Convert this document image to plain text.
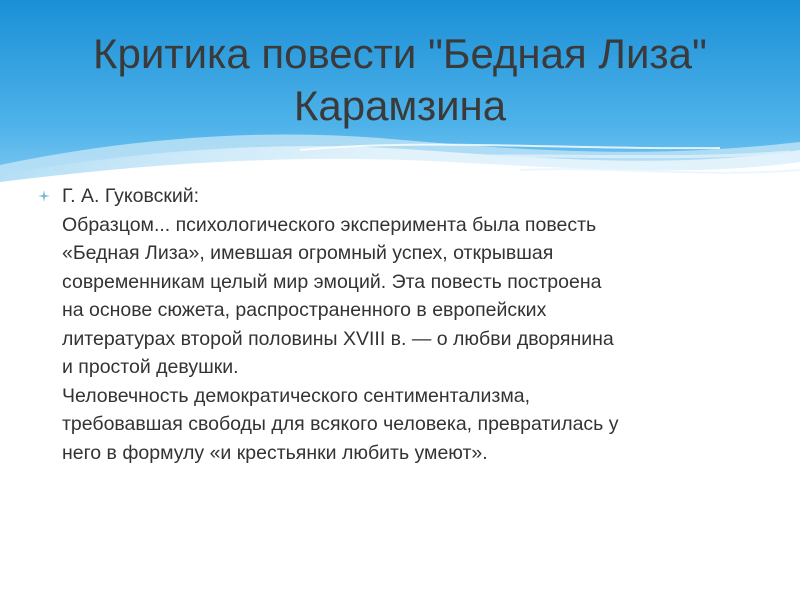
Критика повести "Бедная Лиза"
Карамзина
Г. А. Гуковский:
Образцом... психологического эксперимента была повесть
«Бедная Лиза», имевшая огромный успех, открывшая
современникам целый мир эмоций. Эта повесть построена
на основе сюжета, распространенного в европейских
литературах второй половины XVIII в. — о любви дворянина
и простой девушки.
Человечность демократического сентиментализма,
требовавшая свободы для всякого человека, превратилась у
него в формулу «и крестьянки любить умеют».
